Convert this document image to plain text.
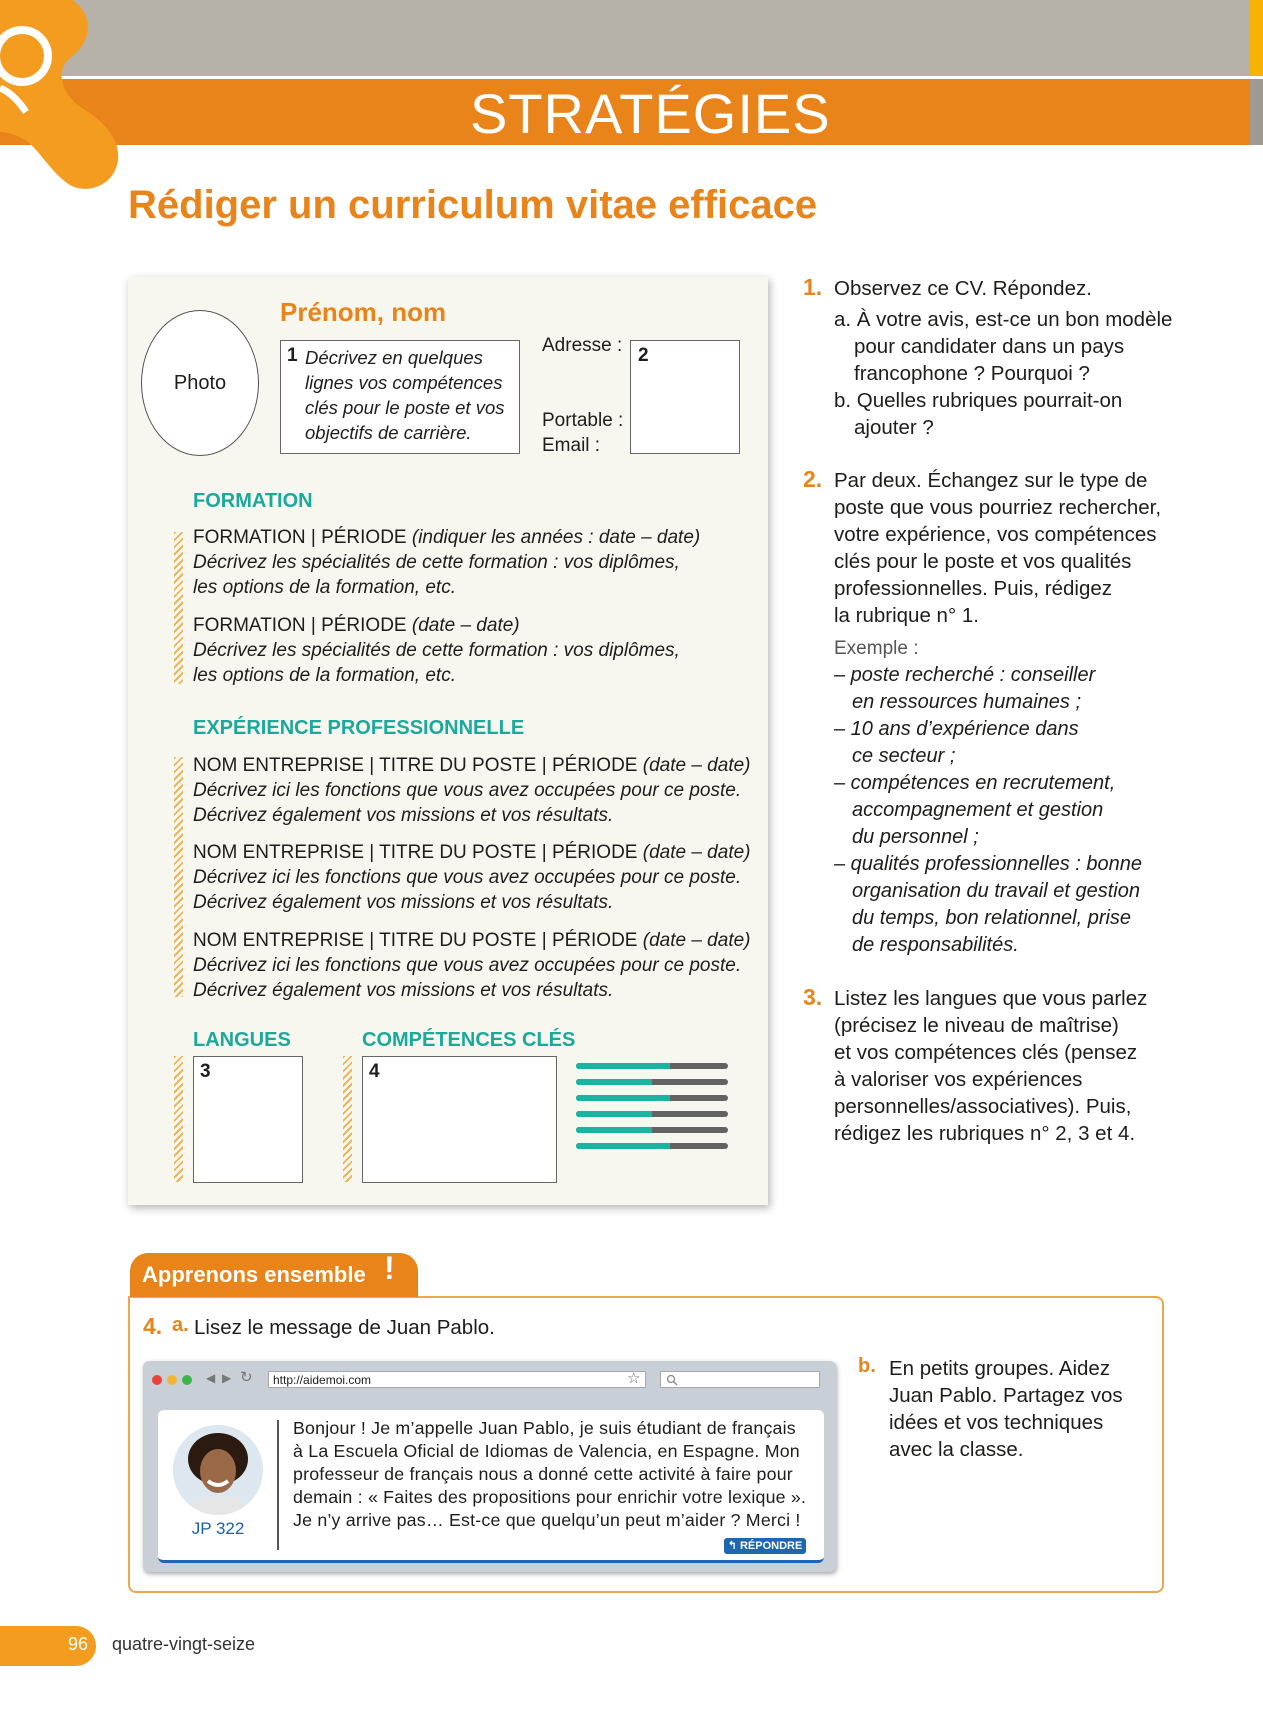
STRATÉGIES
Rédiger un curriculum vitae efficace
Photo
Prénom, nom
1 Décrivez en quelques lignes vos compétences clés pour le poste et vos objectifs de carrière.
Adresse :
Portable :
Email :
2
FORMATION
FORMATION | PÉRIODE (indiquer les années : date – date)
Décrivez les spécialités de cette formation : vos diplômes,
les options de la formation, etc.
FORMATION | PÉRIODE (date – date)
Décrivez les spécialités de cette formation : vos diplômes,
les options de la formation, etc.
EXPÉRIENCE PROFESSIONNELLE
NOM ENTREPRISE | TITRE DU POSTE | PÉRIODE (date – date)
Décrivez ici les fonctions que vous avez occupées pour ce poste.
Décrivez également vos missions et vos résultats.
NOM ENTREPRISE | TITRE DU POSTE | PÉRIODE (date – date)
Décrivez ici les fonctions que vous avez occupées pour ce poste.
Décrivez également vos missions et vos résultats.
NOM ENTREPRISE | TITRE DU POSTE | PÉRIODE (date – date)
Décrivez ici les fonctions que vous avez occupées pour ce poste.
Décrivez également vos missions et vos résultats.
LANGUES	COMPÉTENCES CLÉS
3	4
1. Observez ce CV. Répondez.
a. À votre avis, est-ce un bon modèle
pour candidater dans un pays
francophone ? Pourquoi ?
b. Quelles rubriques pourrait-on
ajouter ?
2. Par deux. Échangez sur le type de
poste que vous pourriez rechercher,
votre expérience, vos compétences
clés pour le poste et vos qualités
professionnelles. Puis, rédigez
la rubrique n° 1.
Exemple :
– poste recherché : conseiller
en ressources humaines ;
– 10 ans d’expérience dans
ce secteur ;
– compétences en recrutement,
accompagnement et gestion
du personnel ;
– qualités professionnelles : bonne
organisation du travail et gestion
du temps, bon relationnel, prise
de responsabilités.
3. Listez les langues que vous parlez
(précisez le niveau de maîtrise)
et vos compétences clés (pensez
à valoriser vos expériences
personnelles/associatives). Puis,
rédigez les rubriques n° 2, 3 et 4.
Apprenons ensemble !
4. a. Lisez le message de Juan Pablo.
b. En petits groupes. Aidez
Juan Pablo. Partagez vos
idées et vos techniques
avec la classe.
◀ ▶ ↻	http://aidemoi.com	☆
JP 322
Bonjour ! Je m’appelle Juan Pablo, je suis étudiant de français
à La Escuela Oficial de Idiomas de Valencia, en Espagne. Mon
professeur de français nous a donné cette activité à faire pour
demain : « Faites des propositions pour enrichir votre lexique ».
Je n’y arrive pas… Est-ce que quelqu’un peut m’aider ? Merci !
↰ RÉPONDRE
96 quatre-vingt-seize
